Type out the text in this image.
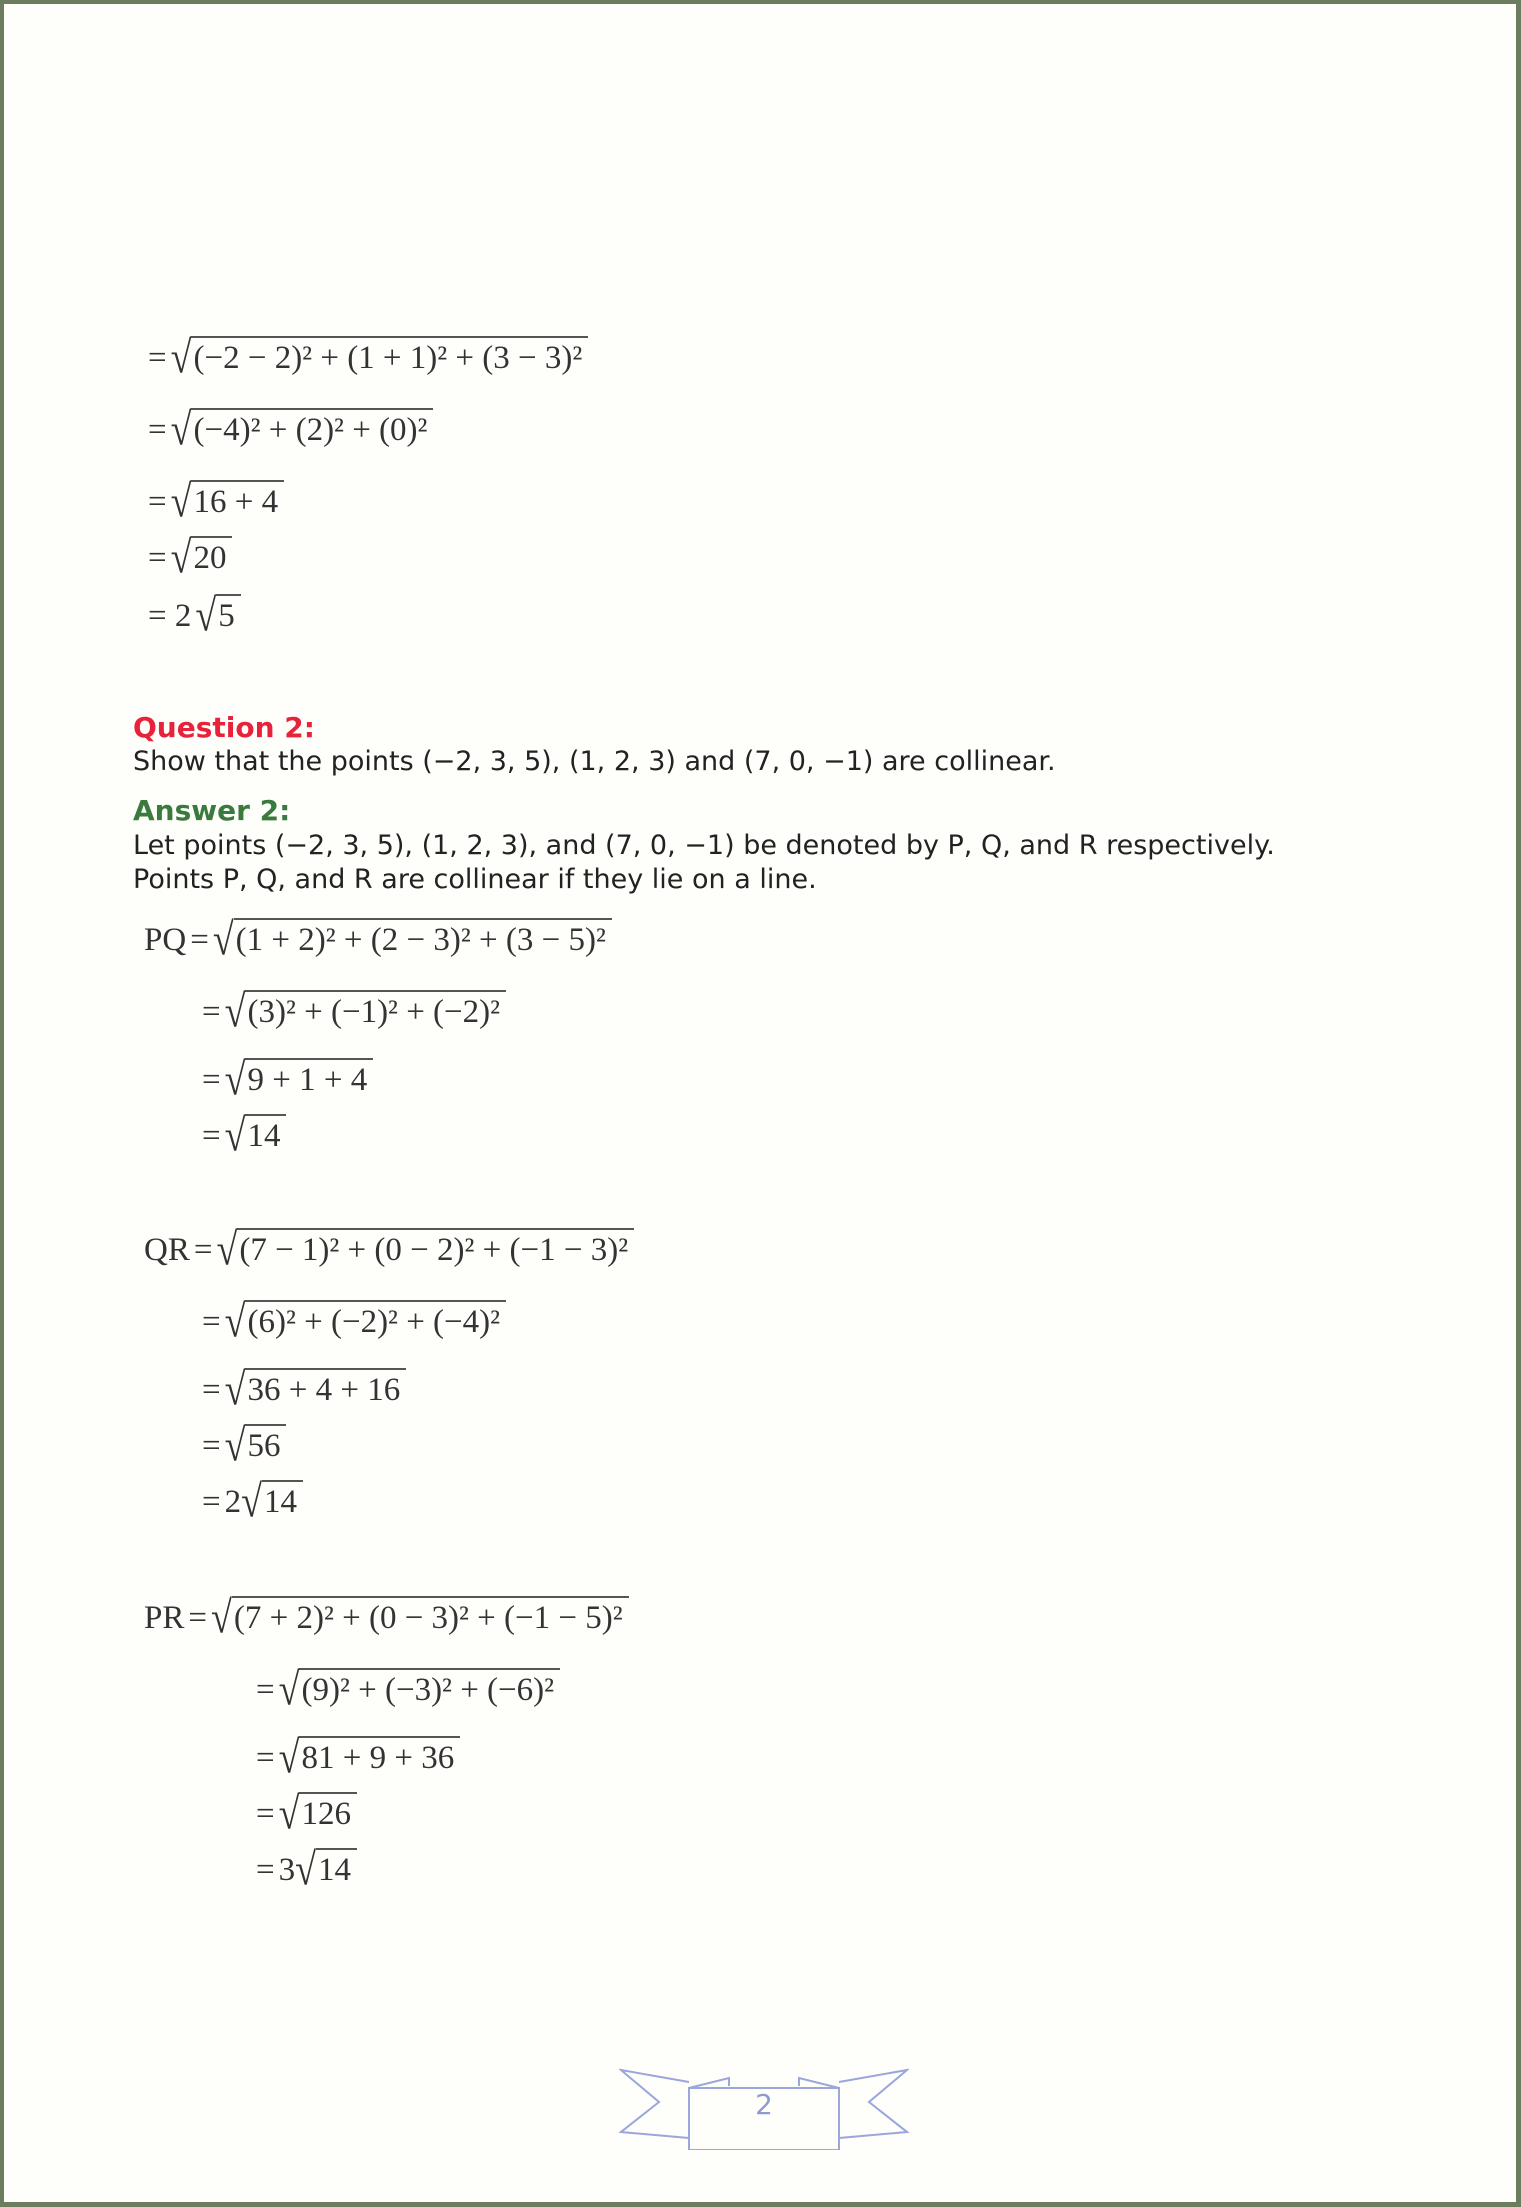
=√(−2 − 2)² + (1 + 1)² + (3 − 3)²
=√(−4)² + (2)² + (0)²
=√16 + 4
=√20
= 2 √5
Question 2:
Show that the points (−2, 3, 5), (1, 2, 3) and (7, 0, −1) are collinear.
Answer 2:
Let points (−2, 3, 5), (1, 2, 3), and (7, 0, −1) be denoted by P, Q, and R respectively.
Points P, Q, and R are collinear if they lie on a line.
PQ = √(1 + 2)² + (2 − 3)² + (3 − 5)²
= √(3)² + (−1)² + (−2)²
= √9 + 1 + 4
= √14
QR = √(7 − 1)² + (0 − 2)² + (−1 − 3)²
= √(6)² + (−2)² + (−4)²
= √36 + 4 + 16
= √56
= 2√14
PR = √(7 + 2)² + (0 − 3)² + (−1 − 5)²
= √(9)² + (−3)² + (−6)²
= √81 + 9 + 36
= √126
= 3√14
2
